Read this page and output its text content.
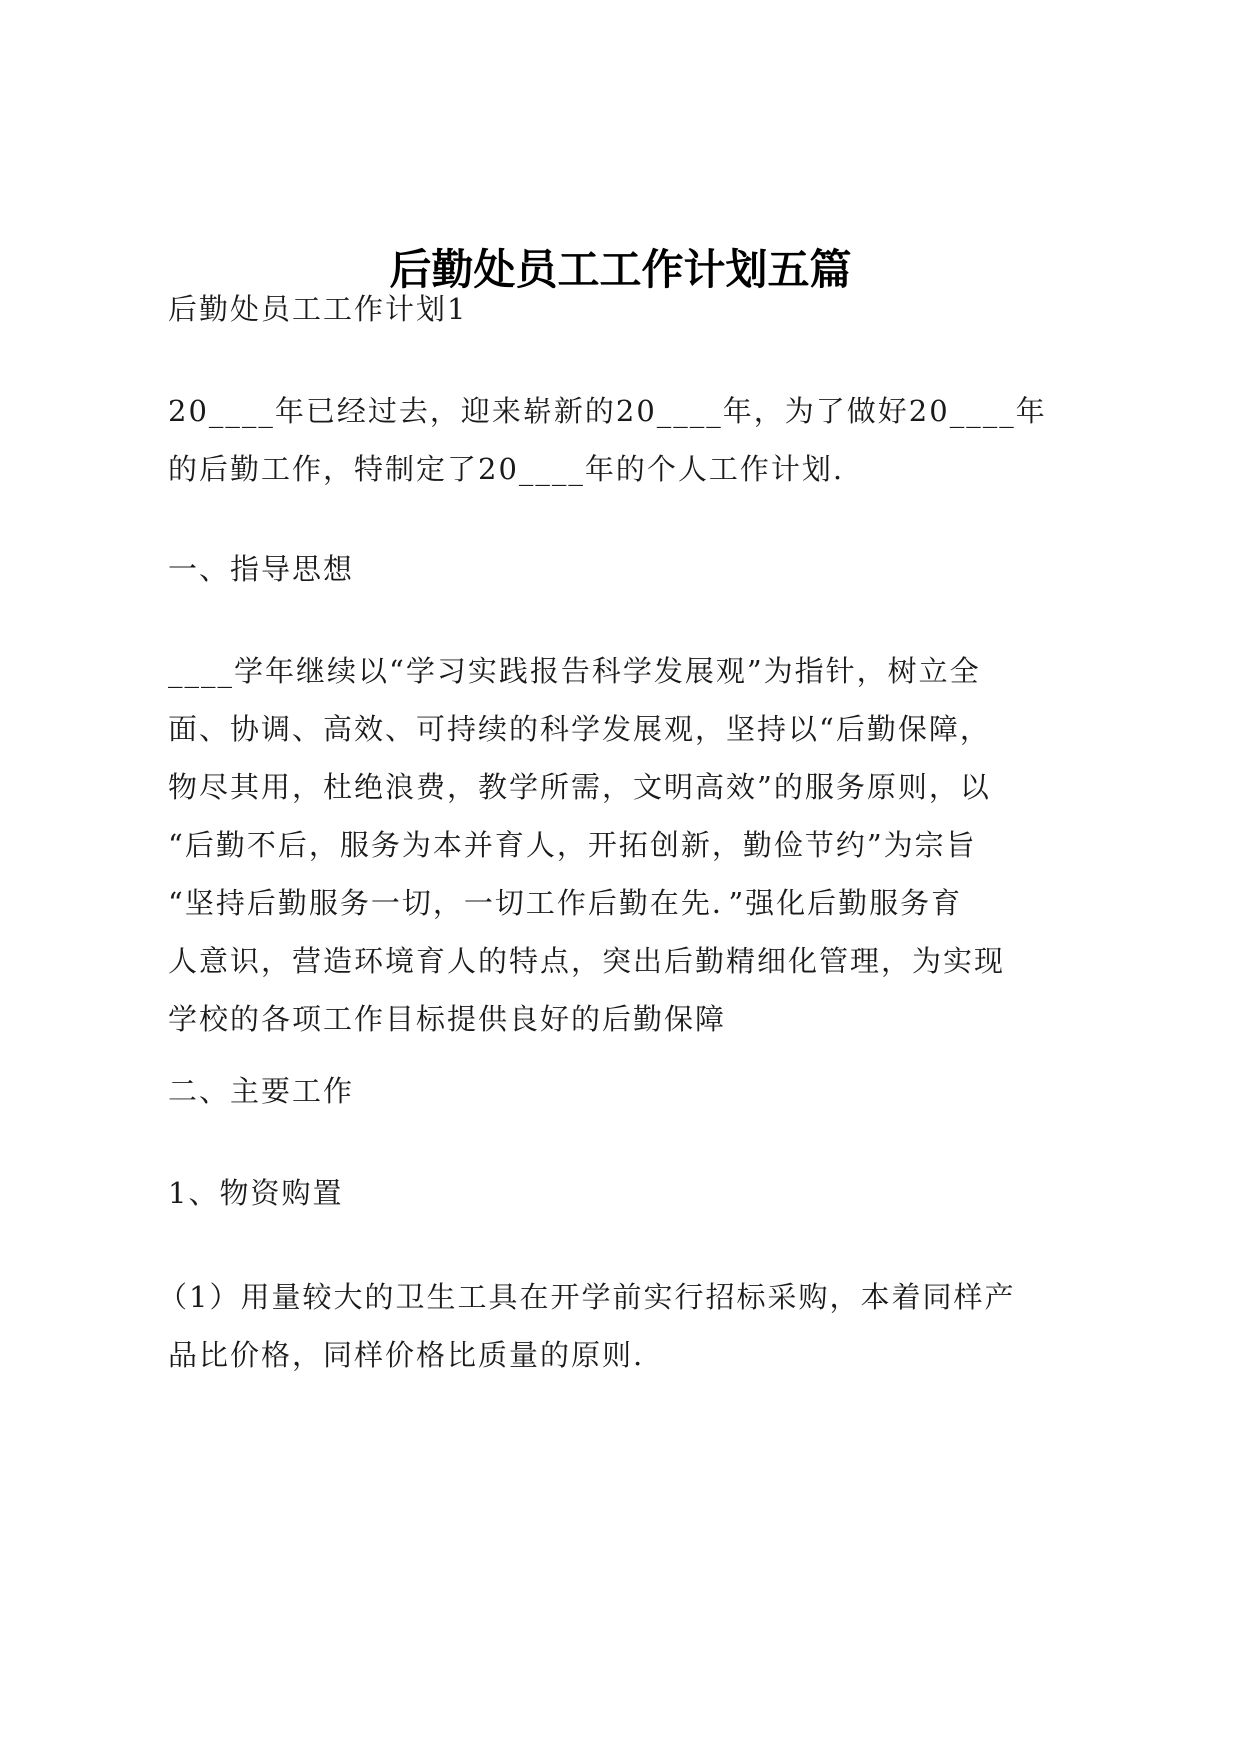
后勤处员工工作计划五篇

后勤处员工工作计划1

20____年已经过去，迎来崭新的20____年，为了做好20____年
的后勤工作，特制定了20____年的个人工作计划.

一、指导思想

____学年继续以“学习实践报告科学发展观”为指针，树立全
面、协调、高效、可持续的科学发展观，坚持以“后勤保障，
物尽其用，杜绝浪费，教学所需，文明高效”的服务原则，以
“后勤不后，服务为本并育人，开拓创新，勤俭节约”为宗旨
“坚持后勤服务一切，一切工作后勤在先．”强化后勤服务育
人意识，营造环境育人的特点，突出后勤精细化管理，为实现
学校的各项工作目标提供良好的后勤保障

二、主要工作

1、物资购置

（1）用量较大的卫生工具在开学前实行招标采购，本着同样产
品比价格，同样价格比质量的原则.
